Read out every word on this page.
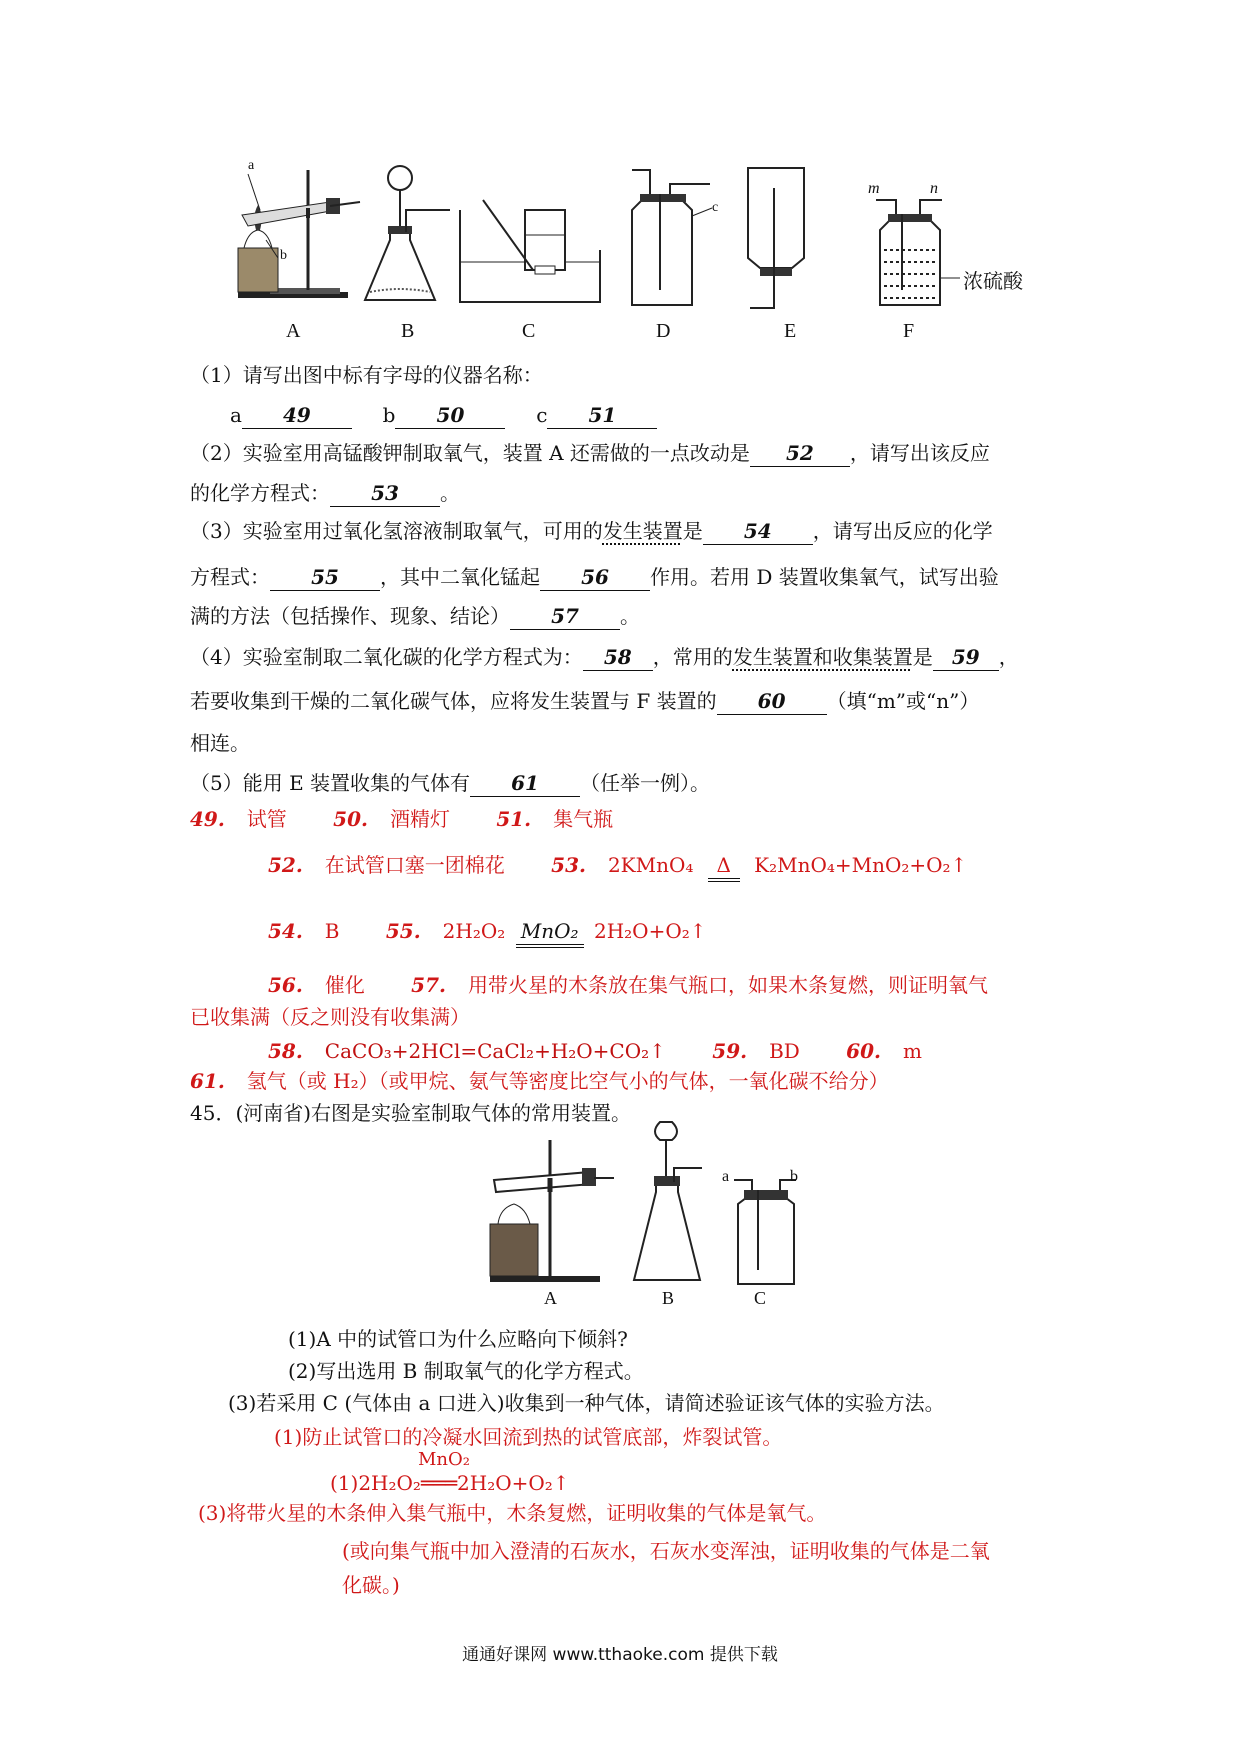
a
b
c
m	n
浓硫酸
A	B	C	D	E	F
（1）请写出图中标有字母的仪器名称：
a 49	b 50	c 51
（2）实验室用高锰酸钾制取氧气，装置 A 还需做的一点改动是 52 ，请写出该反应
的化学方程式： 53 。
（3）实验室用过氧化氢溶液制取氧气，可用的发生装置是 54 ，请写出反应的化学
方程式： 55 ，其中二氧化锰起 56 作用。若用 D 装置收集氧气，试写出验
满的方法（包括操作、现象、结论） 57 。
（4）实验室制取二氧化碳的化学方程式为： 58 ，常用的发生装置和收集装置是 59 ，
若要收集到干燥的二氧化碳气体，应将发生装置与 F 装置的 60 （填“m”或“n”）
相连。
（5）能用 E 装置收集的气体有 61 （任举一例）。
49. 试管 50. 酒精灯 51. 集气瓶
52. 在试管口塞一团棉花 53. 2KMnO₄ Δ K₂MnO₄+MnO₂+O₂↑
54. B 55. 2H₂O₂ MnO₂ 2H₂O+O₂↑
56. 催化 57. 用带火星的木条放在集气瓶口，如果木条复燃，则证明氧气
已收集满（反之则没有收集满）
58. CaCO₃+2HCl=CaCl₂+H₂O+CO₂↑ 59. BD 60. m
61. 氢气（或 H₂）（或甲烷、氨气等密度比空气小的气体，一氧化碳不给分）
45．(河南省)右图是实验室制取气体的常用装置。
a	b
A	B	C
(1)A 中的试管口为什么应略向下倾斜?
(2)写出选用 B 制取氧气的化学方程式。
(3)若采用 C (气体由 a 口进入)收集到一种气体，请简述验证该气体的实验方法。
(1)防止试管口的冷凝水回流到热的试管底部，炸裂试管。
MnO₂
(1)2H₂O₂═══2H₂O+O₂↑
(3)将带火星的木条伸入集气瓶中，木条复燃，证明收集的气体是氧气。
(或向集气瓶中加入澄清的石灰水，石灰水变浑浊，证明收集的气体是二氧
化碳。)
通通好课网 www.tthaoke.com 提供下载
